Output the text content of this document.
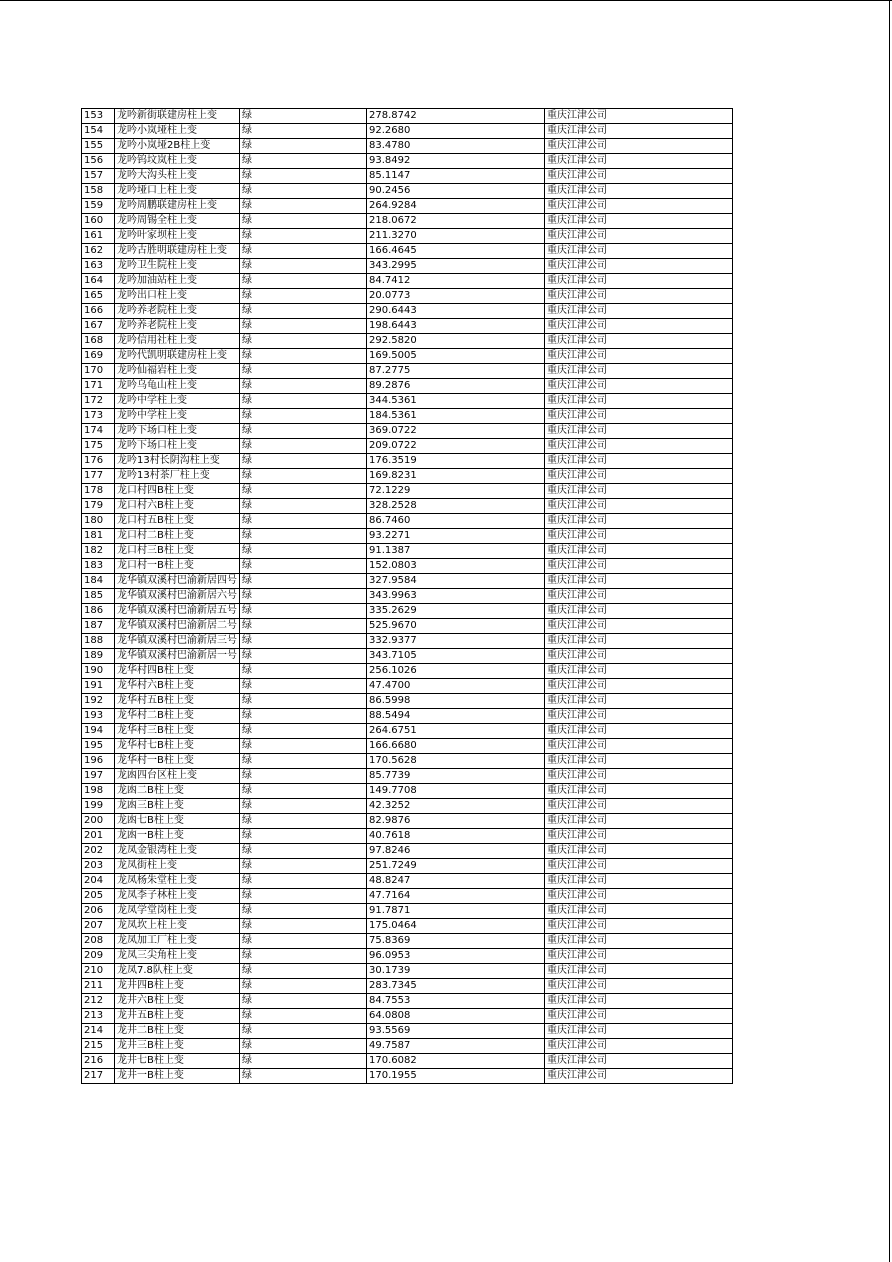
153	龙吟新街联建房柱上变	绿	278.8742	重庆江津公司
154	龙吟小岚垭柱上变	绿	92.2680	重庆江津公司
155	龙吟小岚垭2B柱上变	绿	83.4780	重庆江津公司
156	龙吟钨坟岚柱上变	绿	93.8492	重庆江津公司
157	龙吟大沟头柱上变	绿	85.1147	重庆江津公司
158	龙吟垭口上柱上变	绿	90.2456	重庆江津公司
159	龙吟周鹏联建房柱上变	绿	264.9284	重庆江津公司
160	龙吟周锡全柱上变	绿	218.0672	重庆江津公司
161	龙吟叶家坝柱上变	绿	211.3270	重庆江津公司
162	龙吟古胜明联建房柱上变	绿	166.4645	重庆江津公司
163	龙吟卫生院柱上变	绿	343.2995	重庆江津公司
164	龙吟加油站柱上变	绿	84.7412	重庆江津公司
165	龙吟出口柱上变	绿	20.0773	重庆江津公司
166	龙吟养老院柱上变	绿	290.6443	重庆江津公司
167	龙吟养老院柱上变	绿	198.6443	重庆江津公司
168	龙吟信用社柱上变	绿	292.5820	重庆江津公司
169	龙吟代凯明联建房柱上变	绿	169.5005	重庆江津公司
170	龙吟仙福岩柱上变	绿	87.2775	重庆江津公司
171	龙吟乌龟山柱上变	绿	89.2876	重庆江津公司
172	龙吟中学柱上变	绿	344.5361	重庆江津公司
173	龙吟中学柱上变	绿	184.5361	重庆江津公司
174	龙吟下场口柱上变	绿	369.0722	重庆江津公司
175	龙吟下场口柱上变	绿	209.0722	重庆江津公司
176	龙吟13村长阴沟柱上变	绿	176.3519	重庆江津公司
177	龙吟13村茶厂柱上变	绿	169.8231	重庆江津公司
178	龙口村四B柱上变	绿	72.1229	重庆江津公司
179	龙口村六B柱上变	绿	328.2528	重庆江津公司
180	龙口村五B柱上变	绿	86.7460	重庆江津公司
181	龙口村二B柱上变	绿	93.2271	重庆江津公司
182	龙口村三B柱上变	绿	91.1387	重庆江津公司
183	龙口村一B柱上变	绿	152.0803	重庆江津公司
184	龙华镇双溪村巴渝新居四号	绿	327.9584	重庆江津公司
185	龙华镇双溪村巴渝新居六号	绿	343.9963	重庆江津公司
186	龙华镇双溪村巴渝新居五号	绿	335.2629	重庆江津公司
187	龙华镇双溪村巴渝新居二号	绿	525.9670	重庆江津公司
188	龙华镇双溪村巴渝新居三号	绿	332.9377	重庆江津公司
189	龙华镇双溪村巴渝新居一号	绿	343.7105	重庆江津公司
190	龙华村四B柱上变	绿	256.1026	重庆江津公司
191	龙华村六B柱上变	绿	47.4700	重庆江津公司
192	龙华村五B柱上变	绿	86.5998	重庆江津公司
193	龙华村二B柱上变	绿	88.5494	重庆江津公司
194	龙华村三B柱上变	绿	264.6751	重庆江津公司
195	龙华村七B柱上变	绿	166.6680	重庆江津公司
196	龙华村一B柱上变	绿	170.5628	重庆江津公司
197	龙凼四台区柱上变	绿	85.7739	重庆江津公司
198	龙凼二B柱上变	绿	149.7708	重庆江津公司
199	龙凼三B柱上变	绿	42.3252	重庆江津公司
200	龙凼七B柱上变	绿	82.9876	重庆江津公司
201	龙凼一B柱上变	绿	40.7618	重庆江津公司
202	龙凤金银湾柱上变	绿	97.8246	重庆江津公司
203	龙凤街柱上变	绿	251.7249	重庆江津公司
204	龙凤杨朱堂柱上变	绿	48.8247	重庆江津公司
205	龙凤李子林柱上变	绿	47.7164	重庆江津公司
206	龙凤学堂岗柱上变	绿	91.7871	重庆江津公司
207	龙凤坎上柱上变	绿	175.0464	重庆江津公司
208	龙凤加工厂柱上变	绿	75.8369	重庆江津公司
209	龙凤三尖角柱上变	绿	96.0953	重庆江津公司
210	龙凤7.8队柱上变	绿	30.1739	重庆江津公司
211	龙井四B柱上变	绿	283.7345	重庆江津公司
212	龙井六B柱上变	绿	84.7553	重庆江津公司
213	龙井五B柱上变	绿	64.0808	重庆江津公司
214	龙井二B柱上变	绿	93.5569	重庆江津公司
215	龙井三B柱上变	绿	49.7587	重庆江津公司
216	龙井七B柱上变	绿	170.6082	重庆江津公司
217	龙井一B柱上变	绿	170.1955	重庆江津公司
